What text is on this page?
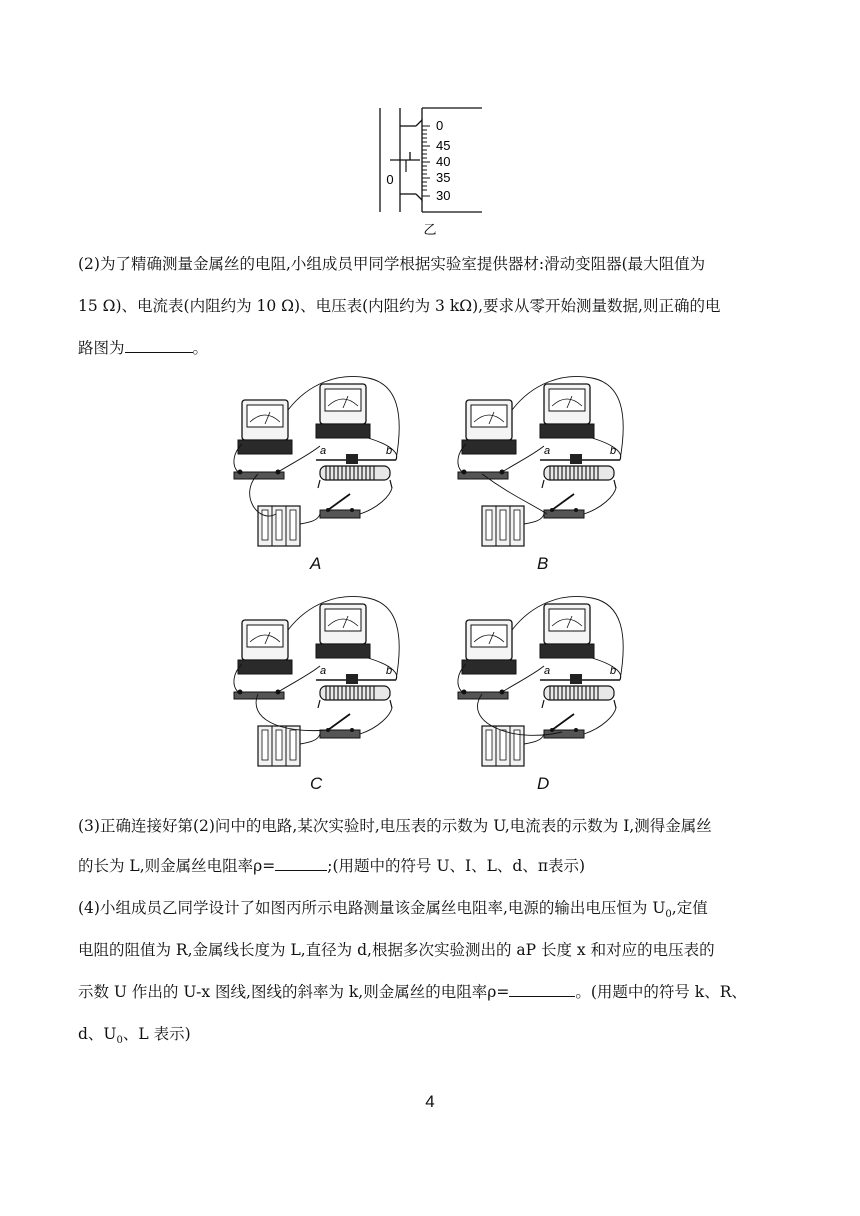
0
0
45
40
35
30
乙
(2)为了精确测量金属丝的电阻,小组成员甲同学根据实验室提供器材:滑动变阻器(最大阻值为
15 Ω)、电流表(内阻约为 10 Ω)、电压表(内阻约为 3 kΩ),要求从零开始测量数据,则正确的电
路图为	。
a	b	a	b
a	b	a	b
A	B
C	D
(3)正确连接好第(2)问中的电路,某次实验时,电压表的示数为 U,电流表的示数为 I,测得金属丝
的长为 L,则金属丝电阻率ρ=	;(用题中的符号 U、I、L、d、π表示)
(4)小组成员乙同学设计了如图丙所示电路测量该金属丝电阻率,电源的输出电压恒为 $U_0$,定值
电阻的阻值为 R,金属线长度为 L,直径为 d,根据多次实验测出的 aP 长度 x 和对应的电压表的
示数 U 作出的 U-x 图线,图线的斜率为 k,则金属丝的电阻率ρ=	。(用题中的符号 k、R、
d、$U_0$、L 表示)
4
